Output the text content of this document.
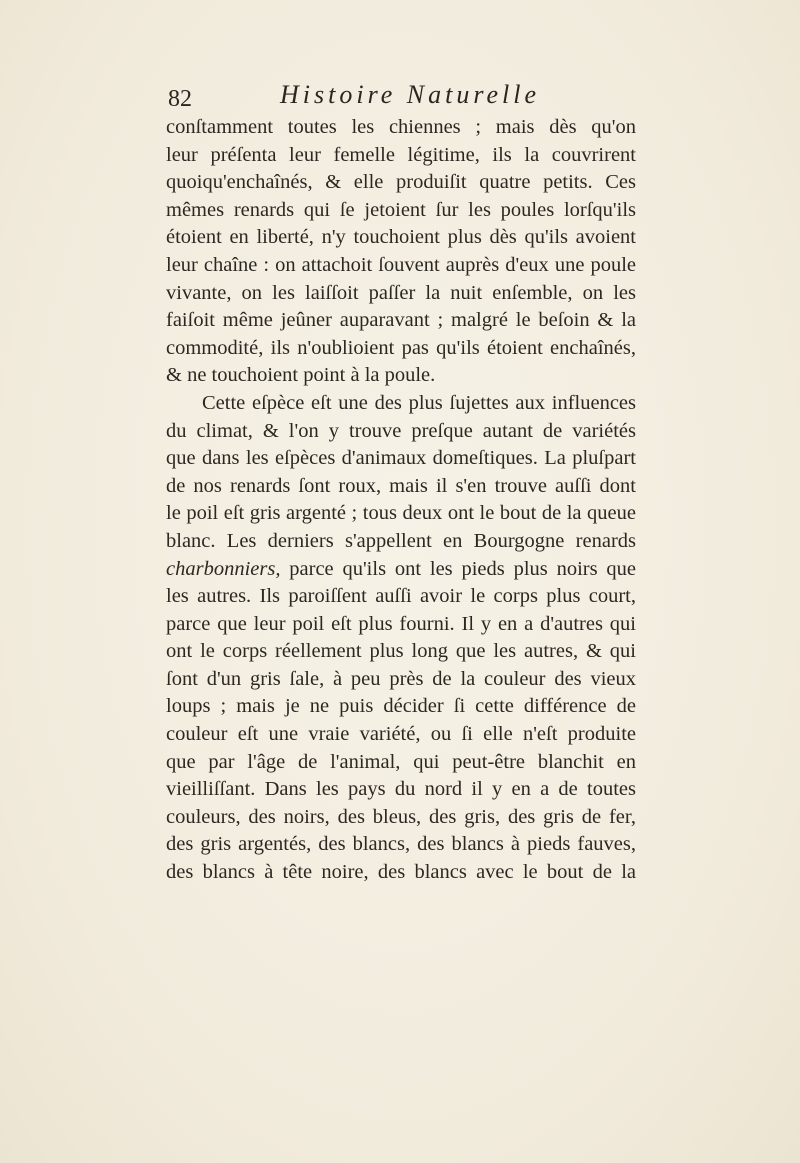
82	Histoire Naturelle
conſtamment toutes les chiennes ; mais dès qu'on
leur préſenta leur femelle légitime, ils la couvrirent
quoiqu'enchaînés, & elle produiſit quatre petits. Ces
mêmes renards qui ſe jetoient ſur les poules lorſqu'ils
étoient en liberté, n'y touchoient plus dès qu'ils avoient
leur chaîne : on attachoit ſouvent auprès d'eux une poule
vivante, on les laiſſoit paſſer la nuit enſemble, on les
faiſoit même jeûner auparavant ; malgré le beſoin & la
commodité, ils n'oublioient pas qu'ils étoient enchaînés,
& ne touchoient point à la poule.
Cette eſpèce eſt une des plus ſujettes aux influences
du climat, & l'on y trouve preſque autant de variétés
que dans les eſpèces d'animaux domeſtiques. La pluſpart
de nos renards ſont roux, mais il s'en trouve auſſi dont
le poil eſt gris argenté ; tous deux ont le bout de la queue
blanc. Les derniers s'appellent en Bourgogne renards
charbonniers, parce qu'ils ont les pieds plus noirs que
les autres. Ils paroiſſent auſſi avoir le corps plus court,
parce que leur poil eſt plus fourni. Il y en a d'autres qui
ont le corps réellement plus long que les autres, & qui
ſont d'un gris ſale, à peu près de la couleur des vieux
loups ; mais je ne puis décider ſi cette différence de
couleur eſt une vraie variété, ou ſi elle n'eſt produite
que par l'âge de l'animal, qui peut-être blanchit en
vieilliſſant. Dans les pays du nord il y en a de toutes
couleurs, des noirs, des bleus, des gris, des gris de fer,
des gris argentés, des blancs, des blancs à pieds fauves,
des blancs à tête noire, des blancs avec le bout de la
